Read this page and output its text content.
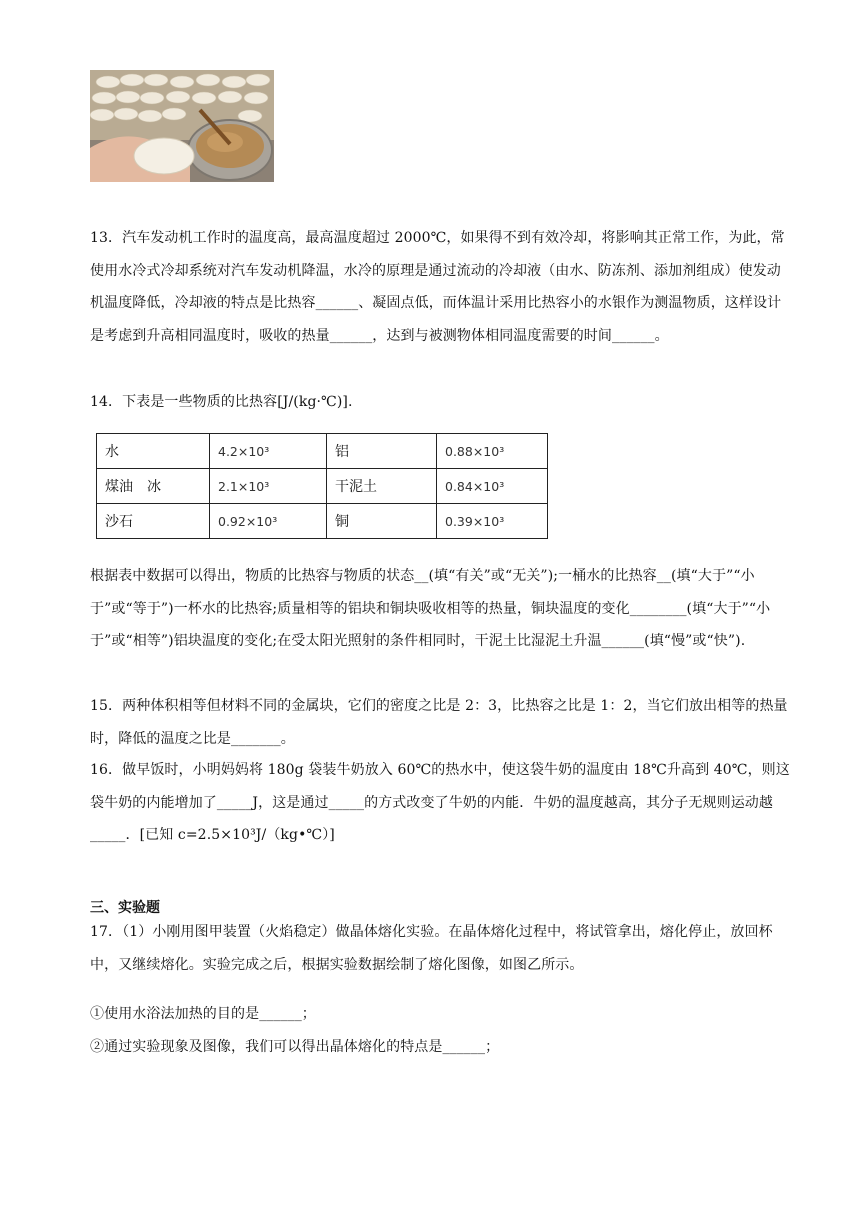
13．汽车发动机工作时的温度高，最高温度超过 2000℃，如果得不到有效冷却，将影响其正常工作，为此，常使用水冷式冷却系统对汽车发动机降温，水冷的原理是通过流动的冷却液（由水、防冻剂、添加剂组成）使发动机温度降低，冷却液的特点是比热容______、凝固点低，而体温计采用比热容小的水银作为测温物质，这样设计是考虑到升高相同温度时，吸收的热量______，达到与被测物体相同温度需要的时间______。

14．下表是一些物质的比热容[J/(kg·℃)].

水	4.2×10³	铝	0.88×10³
煤油　冰	2.1×10³	干泥土	0.84×10³
沙石	0.92×10³	铜	0.39×10³

根据表中数据可以得出，物质的比热容与物质的状态__(填“有关”或“无关”);一桶水的比热容__(填“大于”“小于”或“等于”)一杯水的比热容;质量相等的铝块和铜块吸收相等的热量，铜块温度的变化________(填“大于”“小于”或“相等”)铝块温度的变化;在受太阳光照射的条件相同时，干泥土比湿泥土升温______(填“慢”或“快”).

15．两种体积相等但材料不同的金属块，它们的密度之比是 2：3，比热容之比是 1：2，当它们放出相等的热量时，降低的温度之比是_______。

16．做早饭时，小明妈妈将 180g 袋装牛奶放入 60℃的热水中，使这袋牛奶的温度由 18℃升高到 40℃，则这袋牛奶的内能增加了_____J，这是通过_____的方式改变了牛奶的内能．牛奶的温度越高，其分子无规则运动越_____．[已知 c=2.5×10³J/（kg•℃）]

三、实验题

17．（1）小刚用图甲装置（火焰稳定）做晶体熔化实验。在晶体熔化过程中，将试管拿出，熔化停止，放回杯中，又继续熔化。实验完成之后，根据实验数据绘制了熔化图像，如图乙所示。

①使用水浴法加热的目的是______；

②通过实验现象及图像，我们可以得出晶体熔化的特点是______；
